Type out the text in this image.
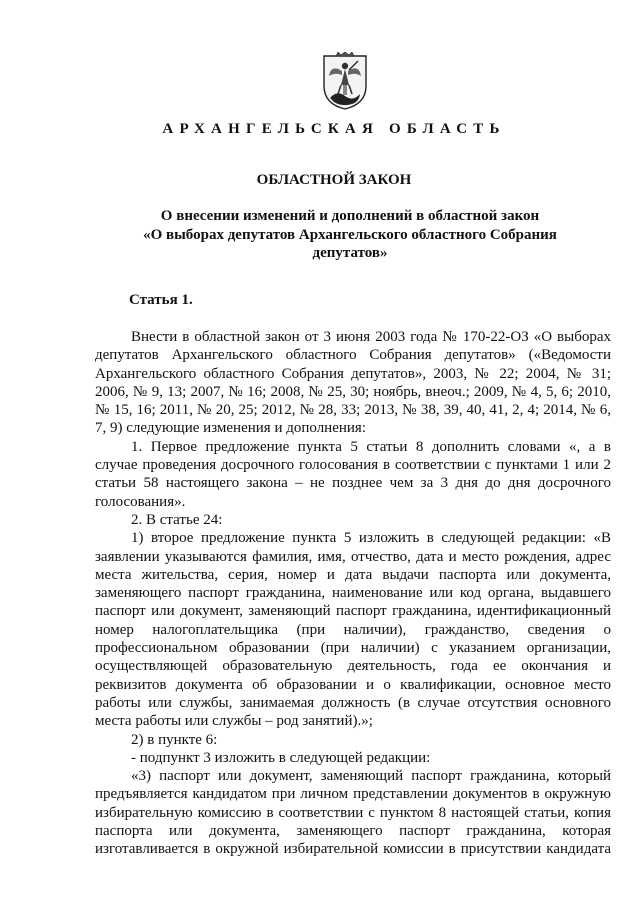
АРХАНГЕЛЬСКАЯ ОБЛАСТЬ
ОБЛАСТНОЙ ЗАКОН
О внесении изменений и дополнений в областной закон
«О выборах депутатов Архангельского областного Собрания
депутатов»
Статья 1.
Внести в областной закон от 3 июня 2003 года № 170-22-ОЗ «О выборах
депутатов Архангельского областного Собрания депутатов» («Ведомости
Архангельского областного Собрания депутатов», 2003, № 22; 2004, № 31;
2006, № 9, 13; 2007, № 16; 2008, № 25, 30; ноябрь, внеоч.; 2009, № 4, 5, 6; 2010,
№ 15, 16; 2011, № 20, 25; 2012, № 28, 33; 2013, № 38, 39, 40, 41, 2, 4; 2014, № 6,
7, 9) следующие изменения и дополнения:
1. Первое предложение пункта 5 статьи 8 дополнить словами «, а в
случае проведения досрочного голосования в соответствии с пунктами 1 или 2
статьи 58 настоящего закона – не позднее чем за 3 дня до дня досрочного
голосования».
2. В статье 24:
1) второе предложение пункта 5 изложить в следующей редакции: «В
заявлении указываются фамилия, имя, отчество, дата и место рождения, адрес
места жительства, серия, номер и дата выдачи паспорта или документа,
заменяющего паспорт гражданина, наименование или код органа, выдавшего
паспорт или документ, заменяющий паспорт гражданина, идентификационный
номер налогоплательщика (при наличии), гражданство, сведения о
профессиональном образовании (при наличии) с указанием организации,
осуществляющей образовательную деятельность, года ее окончания и
реквизитов документа об образовании и о квалификации, основное место
работы или службы, занимаемая должность (в случае отсутствия основного
места работы или службы – род занятий).»;
2) в пункте 6:
- подпункт 3 изложить в следующей редакции:
«3) паспорт или документ, заменяющий паспорт гражданина, который
предъявляется кандидатом при личном представлении документов в окружную
избирательную комиссию в соответствии с пунктом 8 настоящей статьи, копия
паспорта или документа, заменяющего паспорт гражданина, которая
изготавливается в окружной избирательной комиссии в присутствии кандидата
